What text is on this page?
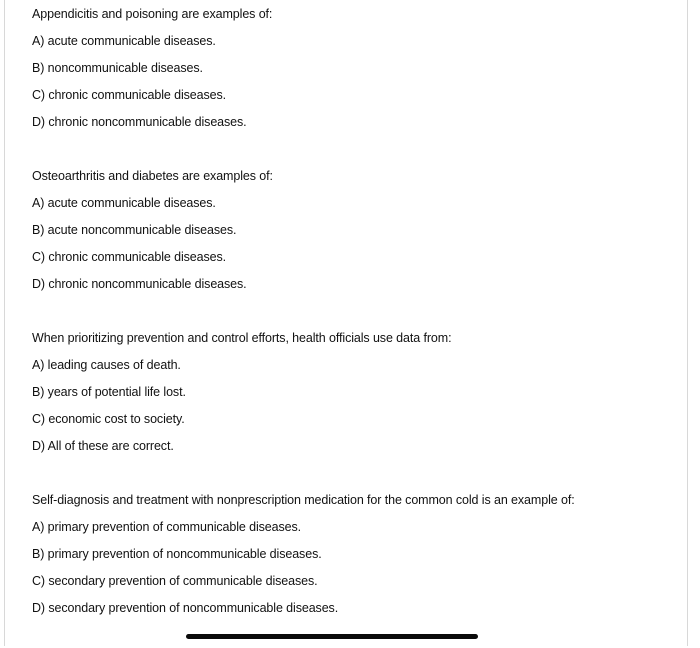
Appendicitis and poisoning are examples of:
A) acute communicable diseases.
B) noncommunicable diseases.
C) chronic communicable diseases.
D) chronic noncommunicable diseases.
Osteoarthritis and diabetes are examples of:
A) acute communicable diseases.
B) acute noncommunicable diseases.
C) chronic communicable diseases.
D) chronic noncommunicable diseases.
When prioritizing prevention and control efforts, health officials use data from:
A) leading causes of death.
B) years of potential life lost.
C) economic cost to society.
D) All of these are correct.
Self-diagnosis and treatment with nonprescription medication for the common cold is an example of:
A) primary prevention of communicable diseases.
B) primary prevention of noncommunicable diseases.
C) secondary prevention of communicable diseases.
D) secondary prevention of noncommunicable diseases.
